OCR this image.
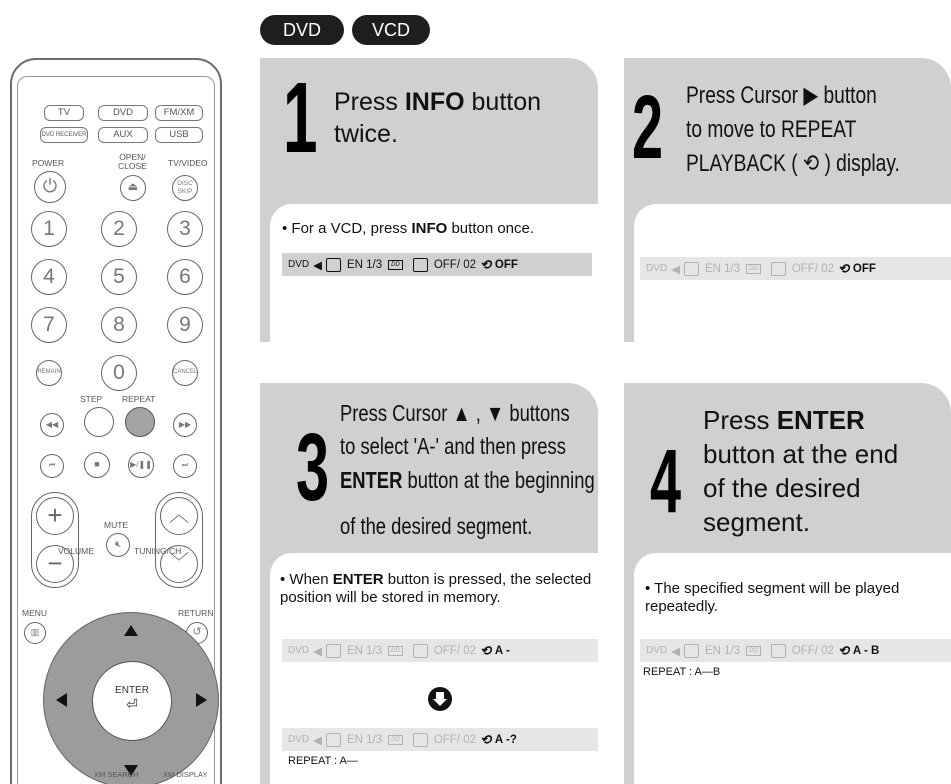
DVD	VCD
TV	DVD	FM/XM
DVD RECEIVER	AUX	USB
POWER
OPEN/
CLOSE TV/VIDEO
⏻	⏏	DISC
SKIP
1	2	3
4	5	6
7	8	9
REMAIN	0	CANCEL
STEP REPEAT
◀◀	▶▶
⏮	■	▶/❚❚	⏭
+
−
︿
﹀
MUTE
🔇︎
VOLUME	TUNING/CH
MENU	RETURN
▥	↺
ENTER
⏎
XM SEARCH	XM DISPLAY
1 Press INFO button twice.
• For a VCD, press INFO button once.
DVD ◀ EN 1/3	DD	OFF/ 02 ⟲ OFF
2 Press Cursor ▶ button
to move to REPEAT
PLAYBACK ( ⟲ ) display.
DVD ◀ EN 1/3	DD	OFF/ 02 ⟲ OFF
3
Press Cursor ▲ , ▼ buttons
to select 'A-' and then press
ENTER button at the beginning
of the desired segment.
• When ENTER button is pressed, the selected position will be stored in memory.
DVD ◀ EN 1/3	DD	OFF/ 02 ⟲ A -
DVD ◀ EN 1/3	DD	OFF/ 02 ⟲ A -?
REPEAT : A—
4
Press ENTER
button at the end
of the desired
segment.
• The specified segment will be played repeatedly.
DVD ◀ EN 1/3	DD	OFF/ 02 ⟲ A - B
REPEAT : A—B
